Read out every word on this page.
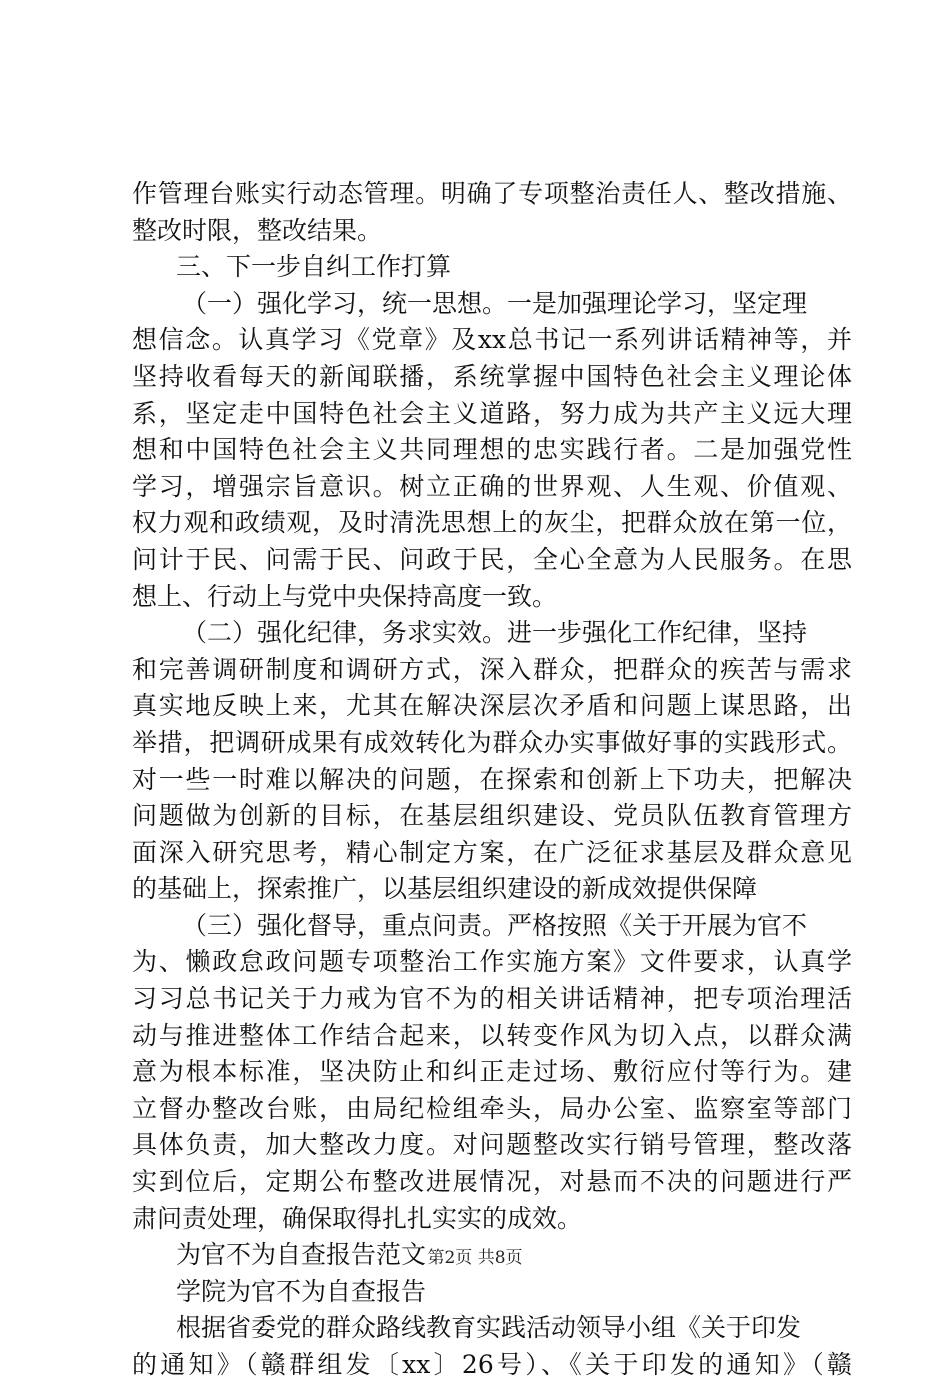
作管理台账实行动态管理。明确了专项整治责任人、整改措施、
整改时限，整改结果。
三、下一步自纠工作打算
（一）强化学习，统一思想。一是加强理论学习，坚定理
想信念。认真学习《党章》及xx总书记一系列讲话精神等，并
坚持收看每天的新闻联播，系统掌握中国特色社会主义理论体
系，坚定走中国特色社会主义道路，努力成为共产主义远大理
想和中国特色社会主义共同理想的忠实践行者。二是加强党性
学习，增强宗旨意识。树立正确的世界观、人生观、价值观、
权力观和政绩观，及时清洗思想上的灰尘，把群众放在第一位，
问计于民、问需于民、问政于民，全心全意为人民服务。在思
想上、行动上与党中央保持高度一致。
（二）强化纪律，务求实效。进一步强化工作纪律，坚持
和完善调研制度和调研方式，深入群众，把群众的疾苦与需求
真实地反映上来，尤其在解决深层次矛盾和问题上谋思路，出
举措，把调研成果有成效转化为群众办实事做好事的实践形式。
对一些一时难以解决的问题，在探索和创新上下功夫，把解决
问题做为创新的目标，在基层组织建设、党员队伍教育管理方
面深入研究思考，精心制定方案，在广泛征求基层及群众意见
的基础上，探索推广，以基层组织建设的新成效提供保障
（三）强化督导，重点问责。严格按照《关于开展为官不
为、懒政怠政问题专项整治工作实施方案》文件要求，认真学
习习总书记关于力戒为官不为的相关讲话精神，把专项治理活
动与推进整体工作结合起来，以转变作风为切入点，以群众满
意为根本标准，坚决防止和纠正走过场、敷衍应付等行为。建
立督办整改台账，由局纪检组牵头，局办公室、监察室等部门
具体负责，加大整改力度。对问题整改实行销号管理，整改落
实到位后，定期公布整改进展情况，对悬而不决的问题进行严
肃问责处理，确保取得扎扎实实的成效。
为官不为自查报告范文
学院为官不为自查报告
根据省委党的群众路线教育实践活动领导小组《关于印发
的通知》（赣群组发〔xx〕26号）、《关于印发的通知》（赣
第2页 共8页
